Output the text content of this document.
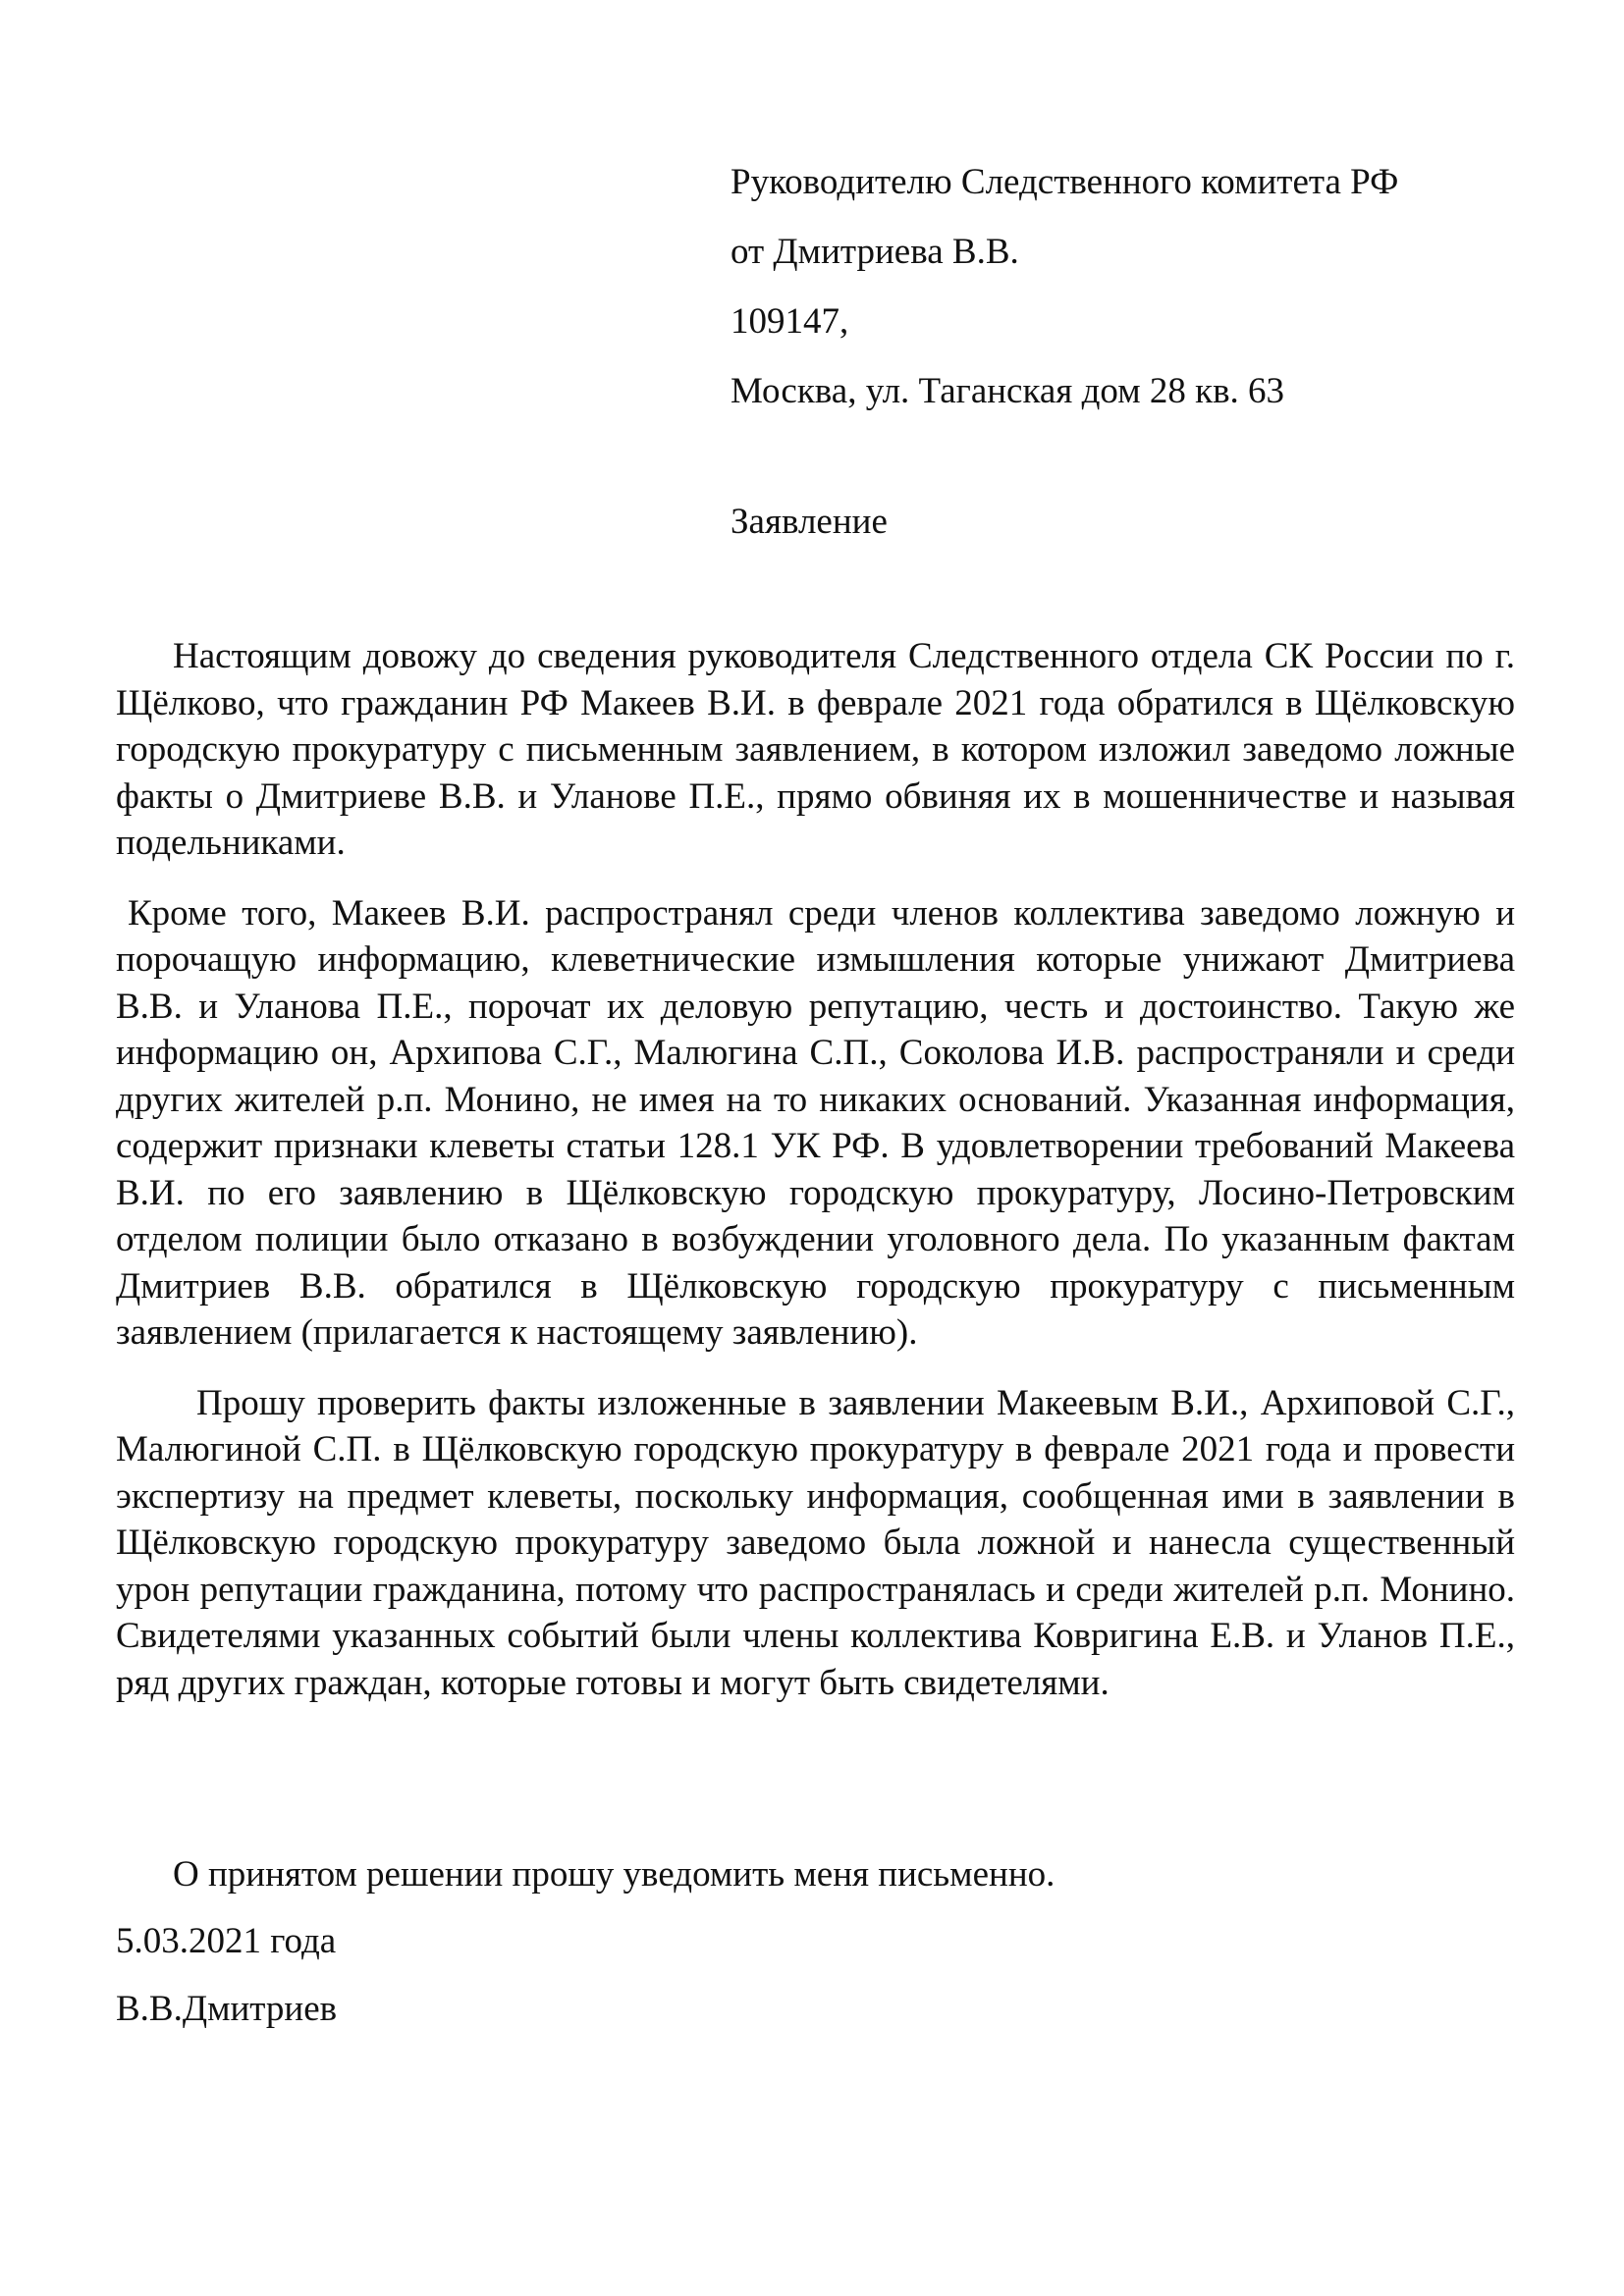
Руководителю Следственного комитета РФ
от Дмитриева В.В.
109147,
Москва, ул. Таганская дом 28 кв. 63
Заявление

Настоящим довожу до сведения руководителя Следственного отдела СК России по г. Щёлково, что гражданин РФ Макеев В.И. в феврале 2021 года обратился в Щёлковскую городскую прокуратуру с письменным заявлением, в котором изложил заведомо ложные факты о Дмитриеве В.В. и Уланове П.Е., прямо обвиняя их в мошенничестве и называя подельниками.

Кроме того, Макеев В.И. распространял среди членов коллектива заведомо ложную и порочащую информацию, клеветнические измышления которые унижают Дмитриева В.В. и Уланова П.Е., порочат их деловую репутацию, честь и достоинство. Такую же информацию он, Архипова С.Г., Малюгина С.П., Соколова И.В. распространяли и среди других жителей р.п. Монино, не имея на то никаких оснований. Указанная информация, содержит признаки клеветы статьи 128.1 УК РФ. В удовлетворении требований Макеева В.И. по его заявлению в Щёлковскую городскую прокуратуру, Лосино-Петровским отделом полиции было отказано в возбуждении уголовного дела. По указанным фактам Дмитриев В.В. обратился в Щёлковскую городскую прокуратуру с письменным заявлением (прилагается к настоящему заявлению).

Прошу проверить факты изложенные в заявлении Макеевым В.И., Архиповой С.Г., Малюгиной С.П. в Щёлковскую городскую прокуратуру в феврале 2021 года и провести экспертизу на предмет клеветы, поскольку информация, сообщенная ими в заявлении в Щёлковскую городскую прокуратуру заведомо была ложной и нанесла существенный урон репутации гражданина, потому что распространялась и среди жителей р.п. Монино. Свидетелями указанных событий были члены коллектива Ковригина Е.В. и Уланов П.Е., ряд других граждан, которые готовы и могут быть свидетелями.

О принятом решении прошу уведомить меня письменно.
5.03.2021 года
В.В.Дмитриев
